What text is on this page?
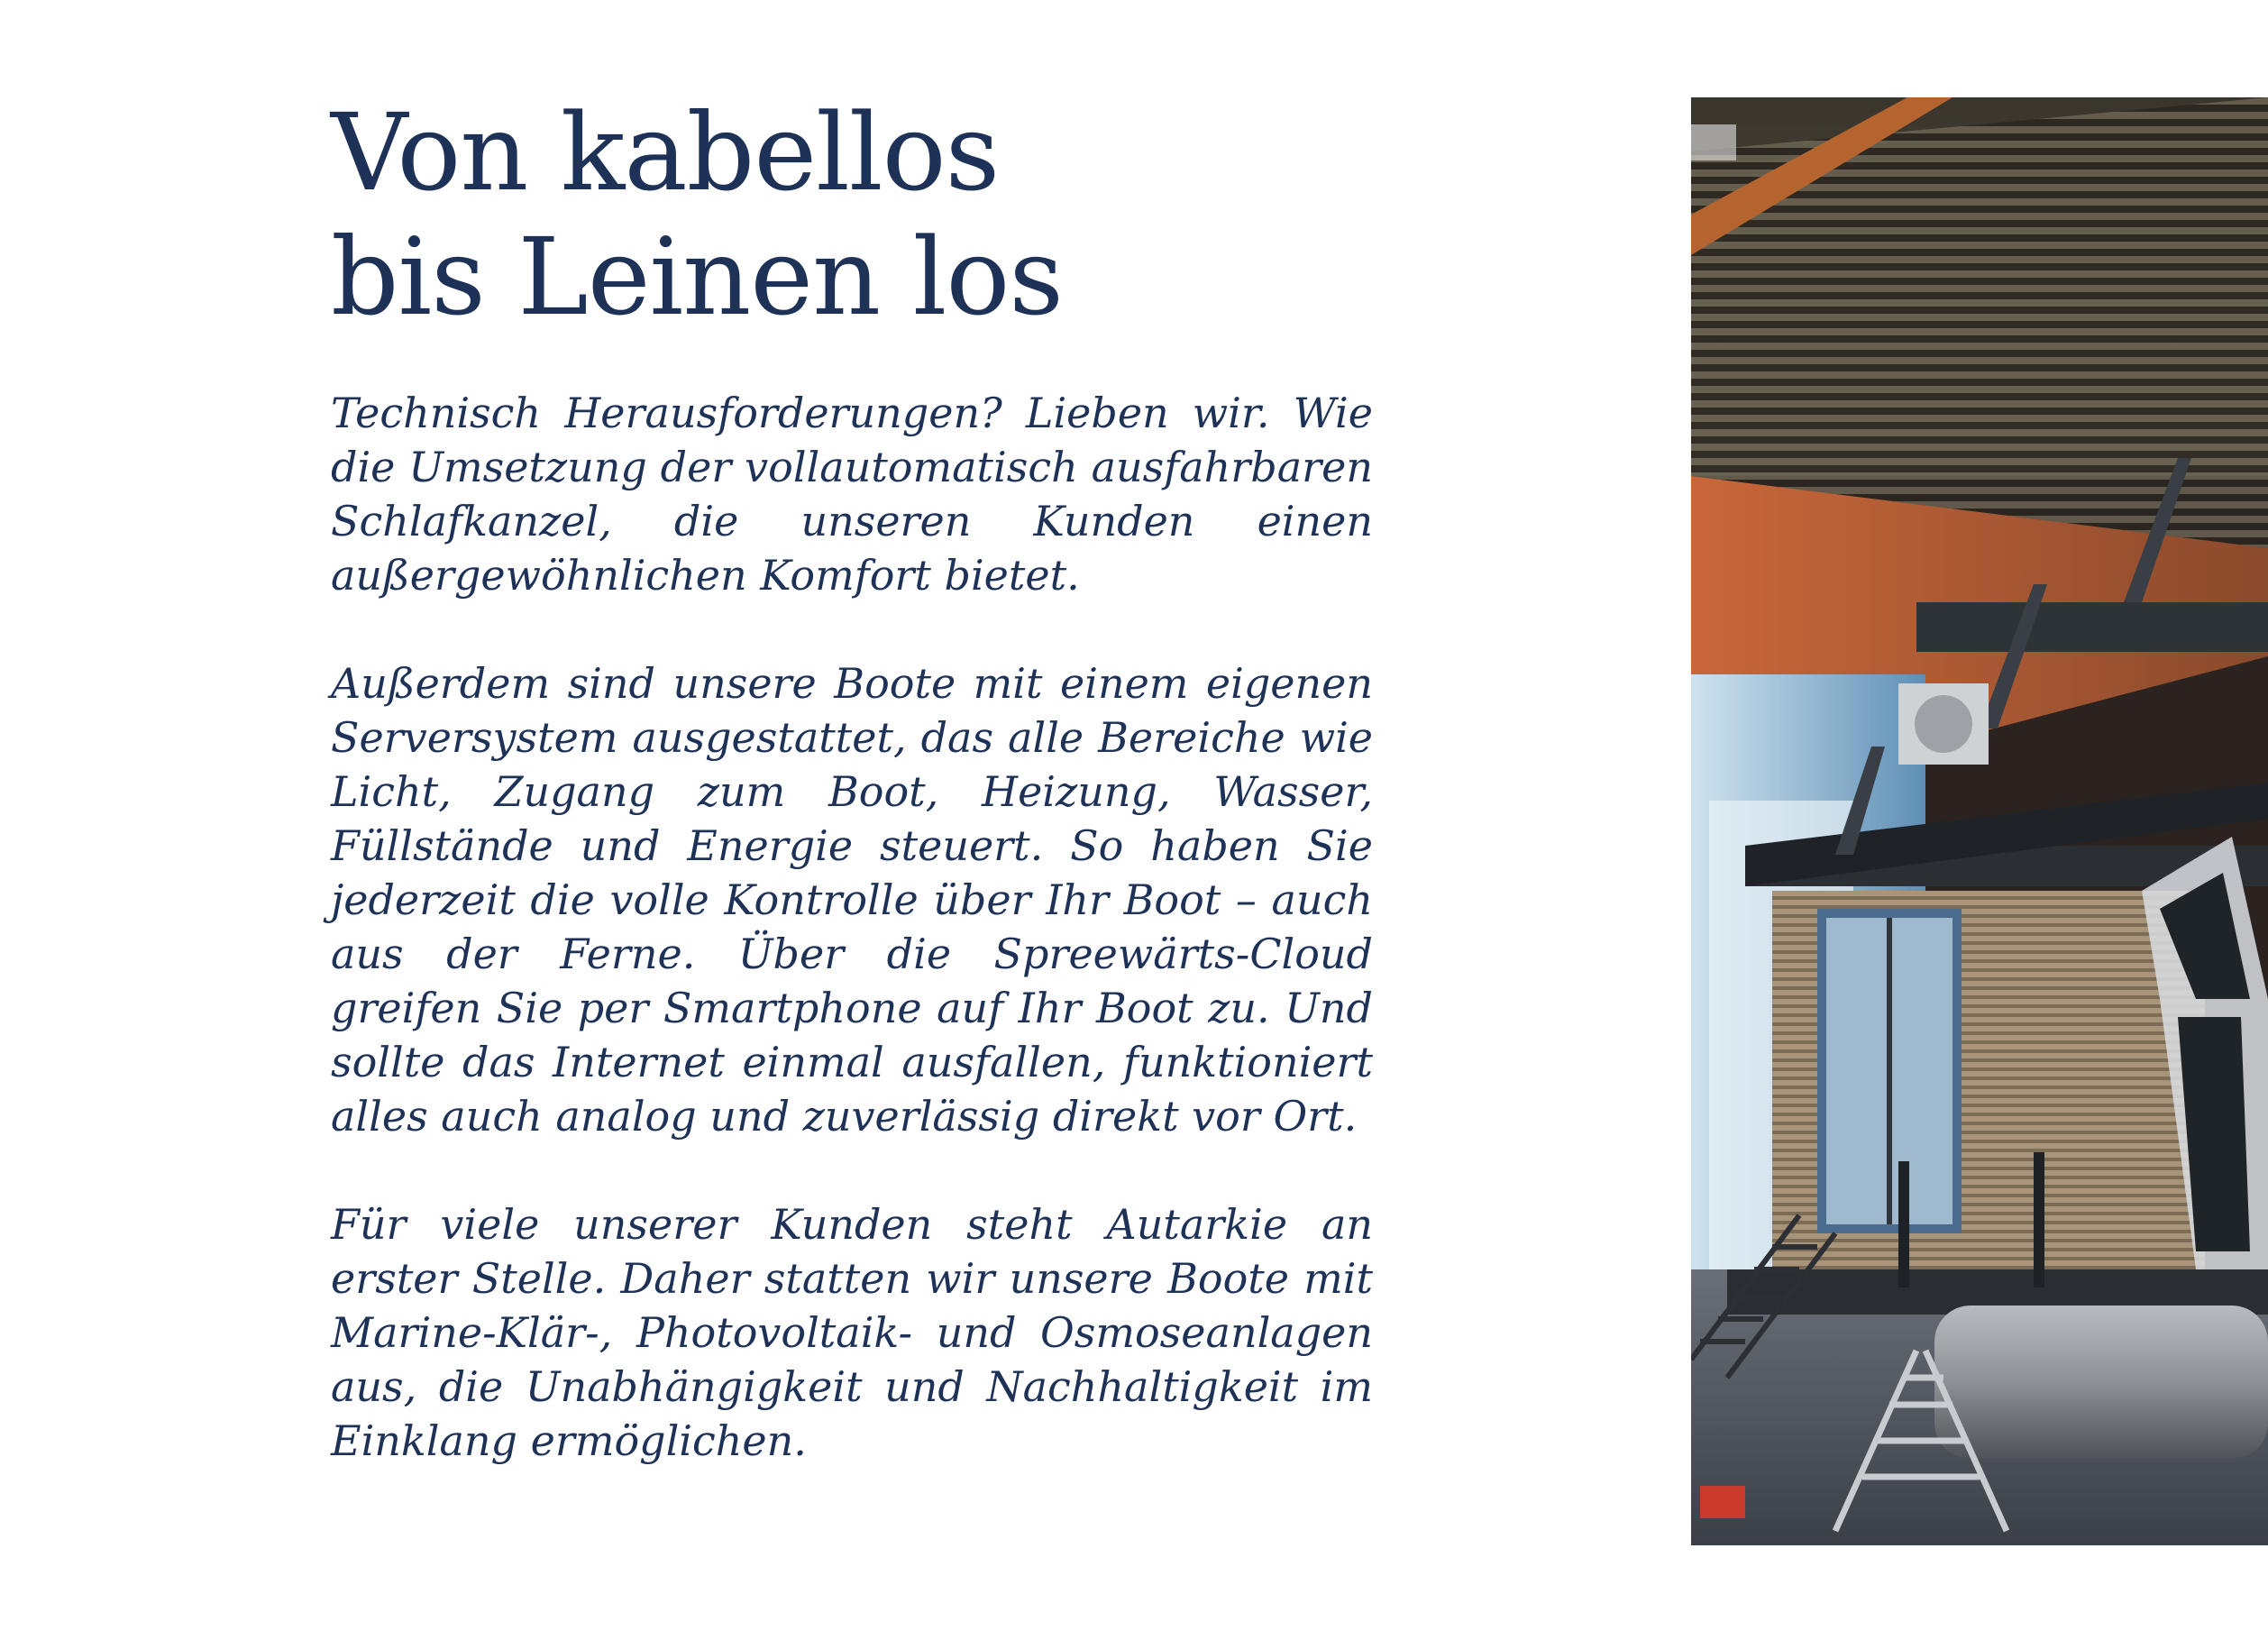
Von kabellos
bis Leinen los

Technisch Herausforderungen? Lieben wir. Wie die Umsetzung der vollautomatisch ausfahrbaren Schlafkanzel, die unseren Kunden einen außergewöhnlichen Komfort bietet.

Außerdem sind unsere Boote mit einem eigenen Serversystem ausgestattet, das alle Bereiche wie Licht, Zugang zum Boot, Heizung, Wasser, Füllstände und Energie steuert. So haben Sie jederzeit die volle Kontrolle über Ihr Boot – auch aus der Ferne. Über die Spreewärts-Cloud greifen Sie per Smartphone auf Ihr Boot zu. Und sollte das Internet einmal ausfallen, funktioniert alles auch analog und zuverlässig direkt vor Ort.

Für viele unserer Kunden steht Autarkie an erster Stelle. Daher statten wir unsere Boote mit Marine-Klär-, Photovoltaik- und Osmoseanlagen aus, die Unabhängigkeit und Nachhaltigkeit im Einklang ermöglichen.
